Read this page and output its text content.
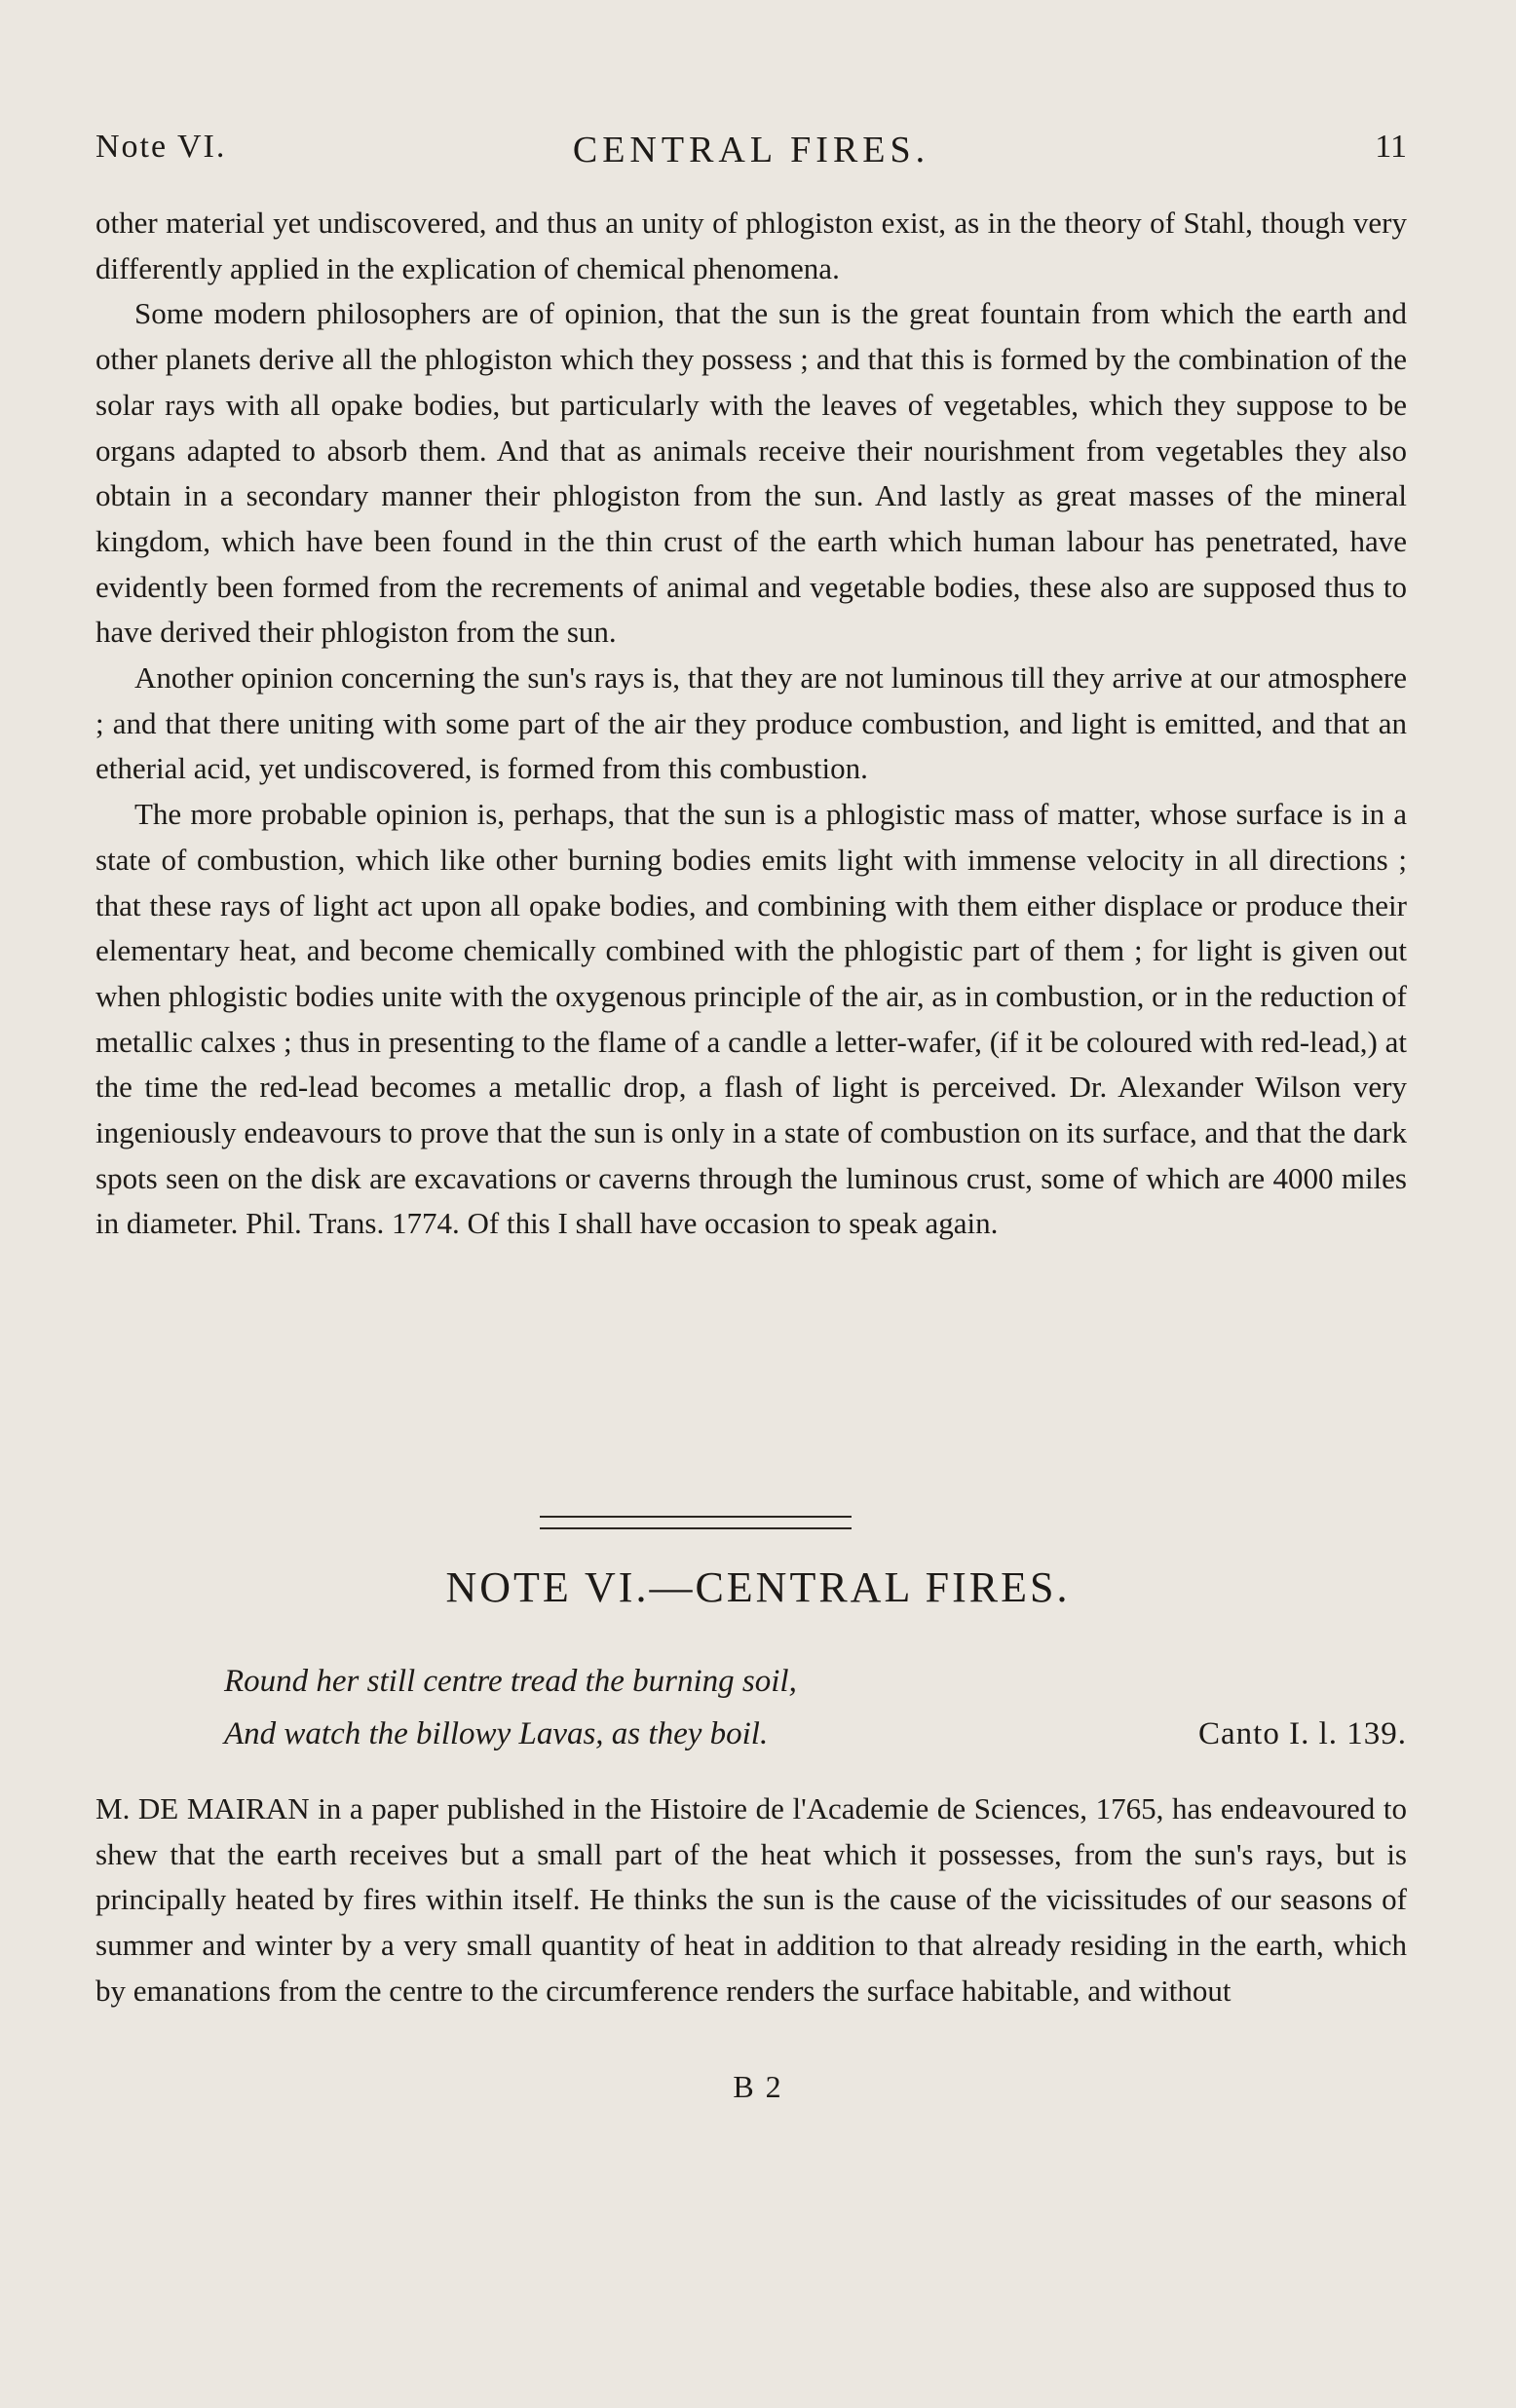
Note VI.	CENTRAL FIRES.	11

other material yet undiscovered, and thus an unity of phlogiston exist, as in the theory of Stahl, though very differently applied in the explication of chemical phenomena.

Some modern philosophers are of opinion, that the sun is the great fountain from which the earth and other planets derive all the phlogiston which they possess ; and that this is formed by the combination of the solar rays with all opake bodies, but particularly with the leaves of vegetables, which they suppose to be organs adapted to absorb them. And that as animals receive their nourishment from vegetables they also obtain in a secondary manner their phlogiston from the sun. And lastly as great masses of the mineral kingdom, which have been found in the thin crust of the earth which human labour has penetrated, have evidently been formed from the recrements of animal and vegetable bodies, these also are supposed thus to have derived their phlogiston from the sun.

Another opinion concerning the sun's rays is, that they are not luminous till they arrive at our atmosphere ; and that there uniting with some part of the air they produce combustion, and light is emitted, and that an etherial acid, yet undiscovered, is formed from this combustion.

The more probable opinion is, perhaps, that the sun is a phlogistic mass of matter, whose surface is in a state of combustion, which like other burning bodies emits light with immense velocity in all directions ; that these rays of light act upon all opake bodies, and combining with them either displace or produce their elementary heat, and become chemically combined with the phlogistic part of them ; for light is given out when phlogistic bodies unite with the oxygenous principle of the air, as in combustion, or in the reduction of metallic calxes ; thus in presenting to the flame of a candle a letter-wafer, (if it be coloured with red-lead,) at the time the red-lead becomes a metallic drop, a flash of light is perceived. Dr. Alexander Wilson very ingeniously endeavours to prove that the sun is only in a state of combustion on its surface, and that the dark spots seen on the disk are excavations or caverns through the luminous crust, some of which are 4000 miles in diameter. Phil. Trans. 1774. Of this I shall have occasion to speak again.

NOTE VI.—CENTRAL FIRES.
Round her still centre tread the burning soil,
And watch the billowy Lavas, as they boil.	Canto I. l. 139.

M. DE MAIRAN in a paper published in the Histoire de l'Academie de Sciences, 1765, has endeavoured to shew that the earth receives but a small part of the heat which it possesses, from the sun's rays, but is principally heated by fires within itself. He thinks the sun is the cause of the vicissitudes of our seasons of summer and winter by a very small quantity of heat in addition to that already residing in the earth, which by emanations from the centre to the circumference renders the surface habitable, and without

B 2
